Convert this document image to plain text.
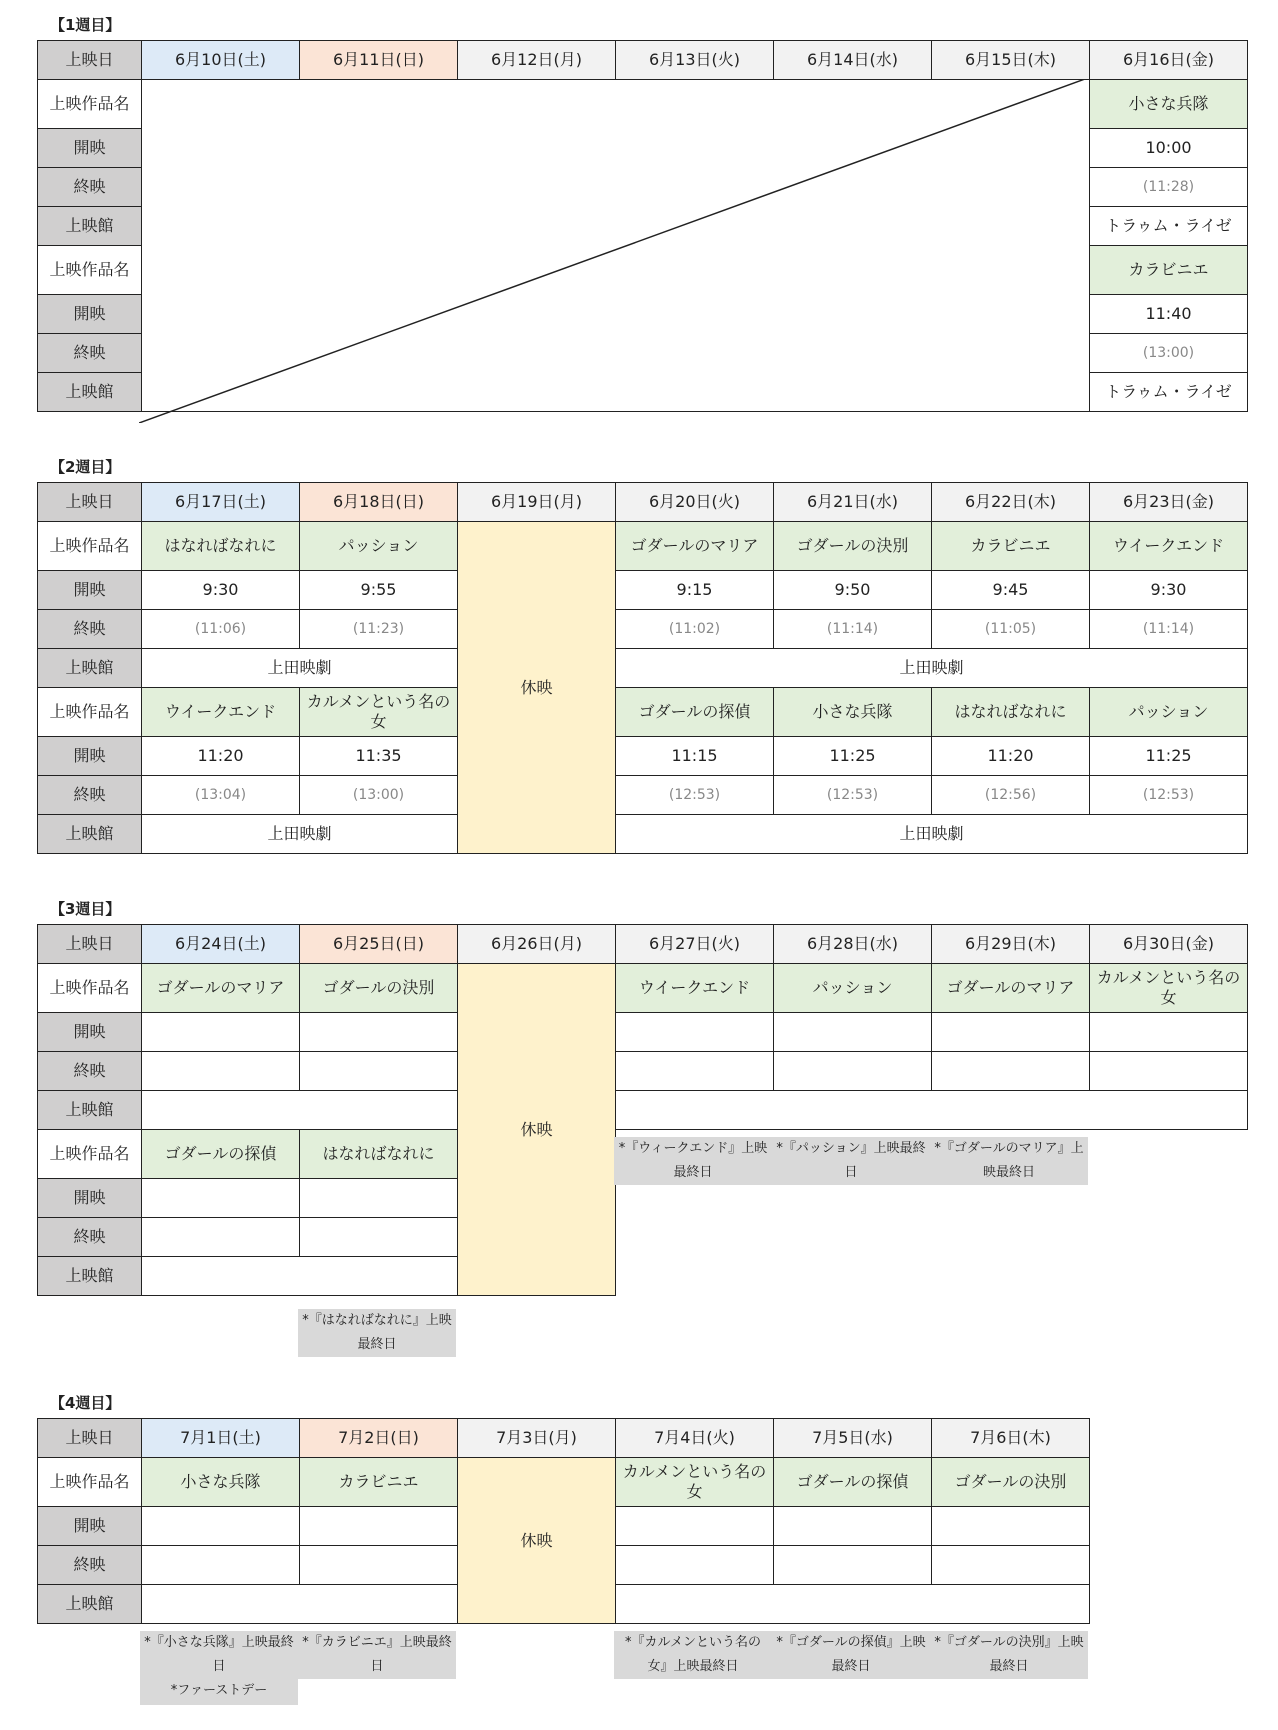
【1週目】
上映日	6月10日(土)	6月11日(日)	6月12日(月)	6月13日(火)	6月14日(水)	6月15日(木)	6月16日(金)
上映作品名							小さな兵隊
開映							10:00
終映							(11:28)
上映館							トラゥム・ライゼ
上映作品名							カラビニエ
開映							11:40
終映							(13:00)
上映館							トラゥム・ライゼ
【2週目】
上映日	6月17日(土)	6月18日(日)	6月19日(月)	6月20日(火)	6月21日(水)	6月22日(木)	6月23日(金)
上映作品名	はなればなれに	パッション	休映	ゴダールのマリア	ゴダールの決別	カラビニエ	ウイークエンド
開映	9:30	9:55		9:15	9:50	9:45	9:30
終映	(11:06)	(11:23)		(11:02)	(11:14)	(11:05)	(11:14)
上映館	上田映劇			上田映劇			
上映作品名	ウイークエンド	カルメンという名の女		ゴダールの探偵	小さな兵隊	はなればなれに	パッション
開映	11:20	11:35		11:15	11:25	11:20	11:25
終映	(13:04)	(13:00)		(12:53)	(12:53)	(12:56)	(12:53)
上映館	上田映劇			上田映劇			
【3週目】
上映日	6月24日(土)	6月25日(日)	6月26日(月)	6月27日(火)	6月28日(水)	6月29日(木)	6月30日(金)
上映作品名	ゴダールのマリア	ゴダールの決別	休映	ウイークエンド	パッション	ゴダールのマリア	カルメンという名の女
開映							
終映							
上映館							
上映作品名	ゴダールの探偵	はなればなれに					
開映							
終映							
上映館							
*『ウィークエンド』上映最終日
*『パッション』上映最終日
*『ゴダールのマリア』上映最終日
*『はなればなれに』上映最終日
【4週目】
上映日	7月1日(土)	7月2日(日)	7月3日(月)	7月4日(火)	7月5日(水)	7月6日(木)
上映作品名	小さな兵隊	カラビニエ	休映	カルメンという名の女	ゴダールの探偵	ゴダールの決別
開映						
終映						
上映館						
*『小さな兵隊』上映最終日
*『カラビニエ』上映最終日
*『カルメンという名の女』上映最終日
*『ゴダールの探偵』上映最終日
*『ゴダールの決別』上映最終日
*ファーストデー
